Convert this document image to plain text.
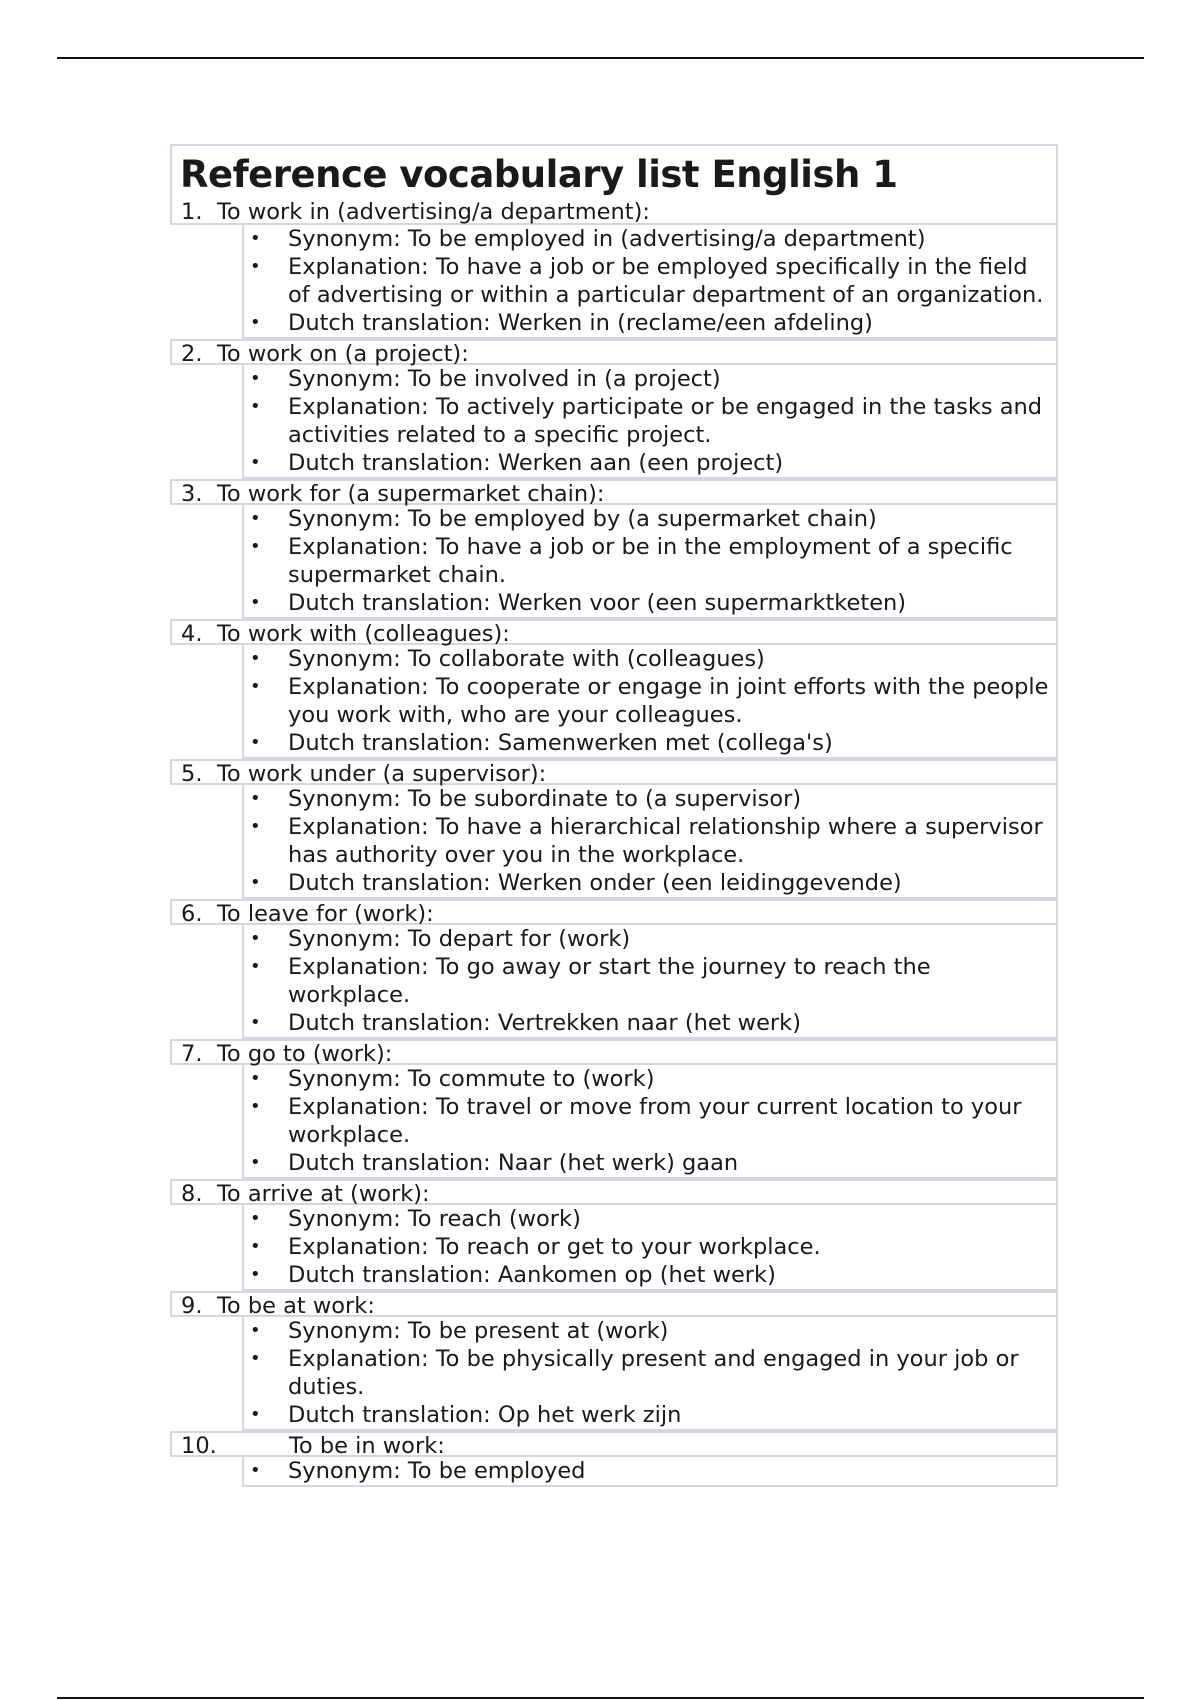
Reference vocabulary list English 1
1. To work in (advertising/a department):
• Synonym: To be employed in (advertising/a department)
• Explanation: To have a job or be employed specifically in the field of advertising or within a particular department of an organization.
• Dutch translation: Werken in (reclame/een afdeling)
2. To work on (a project):
• Synonym: To be involved in (a project)
• Explanation: To actively participate or be engaged in the tasks and activities related to a specific project.
• Dutch translation: Werken aan (een project)
3. To work for (a supermarket chain):
• Synonym: To be employed by (a supermarket chain)
• Explanation: To have a job or be in the employment of a specific supermarket chain.
• Dutch translation: Werken voor (een supermarktketen)
4. To work with (colleagues):
• Synonym: To collaborate with (colleagues)
• Explanation: To cooperate or engage in joint efforts with the people you work with, who are your colleagues.
• Dutch translation: Samenwerken met (collega's)
5. To work under (a supervisor):
• Synonym: To be subordinate to (a supervisor)
• Explanation: To have a hierarchical relationship where a supervisor has authority over you in the workplace.
• Dutch translation: Werken onder (een leidinggevende)
6. To leave for (work):
• Synonym: To depart for (work)
• Explanation: To go away or start the journey to reach the workplace.
• Dutch translation: Vertrekken naar (het werk)
7. To go to (work):
• Synonym: To commute to (work)
• Explanation: To travel or move from your current location to your workplace.
• Dutch translation: Naar (het werk) gaan
8. To arrive at (work):
• Synonym: To reach (work)
• Explanation: To reach or get to your workplace.
• Dutch translation: Aankomen op (het werk)
9. To be at work:
• Synonym: To be present at (work)
• Explanation: To be physically present and engaged in your job or duties.
• Dutch translation: Op het werk zijn
10.	To be in work:
• Synonym: To be employed
